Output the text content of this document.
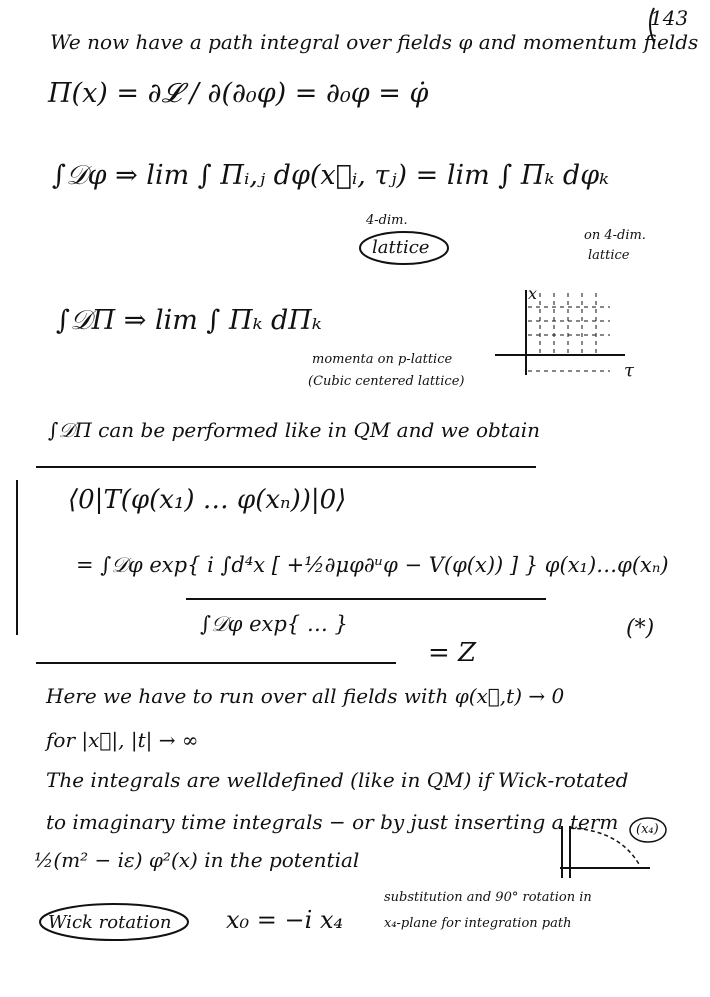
143
We now have a path integral over fields φ and momentum fields
Π(x) = ∂𝓛 / ∂(∂₀φ) = ∂₀φ = φ̇
∫𝒟φ ⇒ lim ∫ Πᵢ,ⱼ dφ(x⃗ᵢ, τⱼ) = lim ∫ Πₖ dφₖ
4-dim.
lattice
on 4-dim.
lattice
∫𝒟Π ⇒ lim ∫ Πₖ dΠₖ
momenta on p-lattice
(Cubic centered lattice)
x
τ
∫𝒟Π can be performed like in QM and we obtain
⟨0|T(φ(x₁) … φ(xₙ))|0⟩
= ∫𝒟φ exp{ i ∫d⁴x [ +½∂μφ∂ᵘφ − V(φ(x)) ] } φ(x₁)…φ(xₙ)
∫𝒟φ exp{ … }
= Z
(*)
Here we have to run over all fields with φ(x⃗,t) → 0
for |x⃗|, |t| → ∞
The integrals are welldefined (like in QM) if Wick-rotated
to imaginary time integrals − or by just inserting a term
½(m² − iε) φ²(x) in the potential
(x₄)
Wick rotation x₀ = −i x₄
substitution and 90° rotation in
x₄-plane for integration path
